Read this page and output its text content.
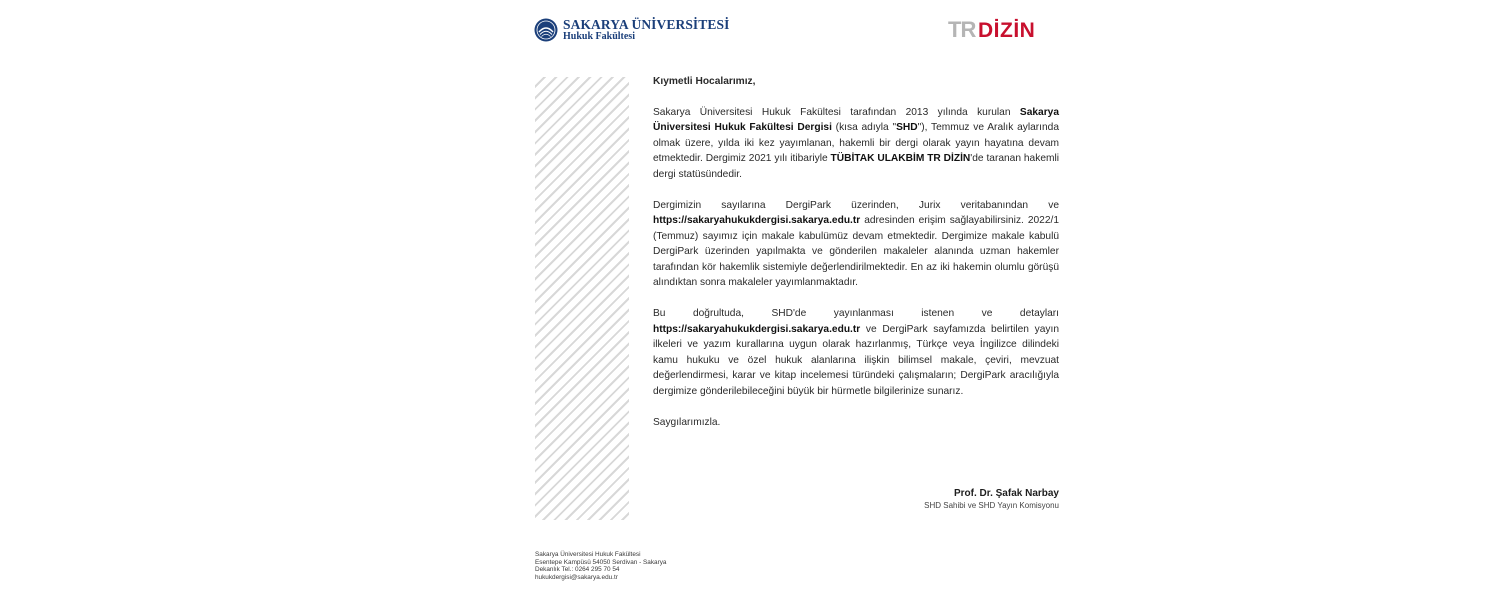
SAKARYA ÜNİVERSİTESİ
Hukuk Fakültesi	TR DİZİN
Kıymetli Hocalarımız,

Sakarya Üniversitesi Hukuk Fakültesi tarafından 2013 yılında kurulan Sakarya Üniversitesi Hukuk Fakültesi Dergisi (kısa adıyla "SHD"), Temmuz ve Aralık aylarında olmak üzere, yılda iki kez yayımlanan, hakemli bir dergi olarak yayın hayatına devam etmektedir. Dergimiz 2021 yılı itibariyle TÜBİTAK ULAKBİM TR DİZİN'de taranan hakemli dergi statüsündedir.

Dergimizin sayılarına DergiPark üzerinden, Jurix veritabanından ve https://sakaryahukukdergisi.sakarya.edu.tr adresinden erişim sağlayabilirsiniz. 2022/1 (Temmuz) sayımız için makale kabulümüz devam etmektedir. Dergimize makale kabulü DergiPark üzerinden yapılmakta ve gönderilen makaleler alanında uzman hakemler tarafından kör hakemlik sistemiyle değerlendirilmektedir. En az iki hakemin olumlu görüşü alındıktan sonra makaleler yayımlanmaktadır.

Bu doğrultuda, SHD'de yayınlanması istenen ve detayları https://sakaryahukukdergisi.sakarya.edu.tr ve DergiPark sayfamızda belirtilen yayın ilkeleri ve yazım kurallarına uygun olarak hazırlanmış, Türkçe veya İngilizce dilindeki kamu hukuku ve özel hukuk alanlarına ilişkin bilimsel makale, çeviri, mevzuat değerlendirmesi, karar ve kitap incelemesi türündeki çalışmaların; DergiPark aracılığıyla dergimize gönderilebileceğini büyük bir hürmetle bilgilerinize sunarız.

Saygılarımızla.
Prof. Dr. Şafak Narbay
SHD Sahibi ve SHD Yayın Komisyonu
Sakarya Üniversitesi Hukuk Fakültesi
Esentepe Kampüsü 54050 Serdivan - Sakarya
Dekanlık Tel.: 0264 295 70 54
hukukdergisi@sakarya.edu.tr
